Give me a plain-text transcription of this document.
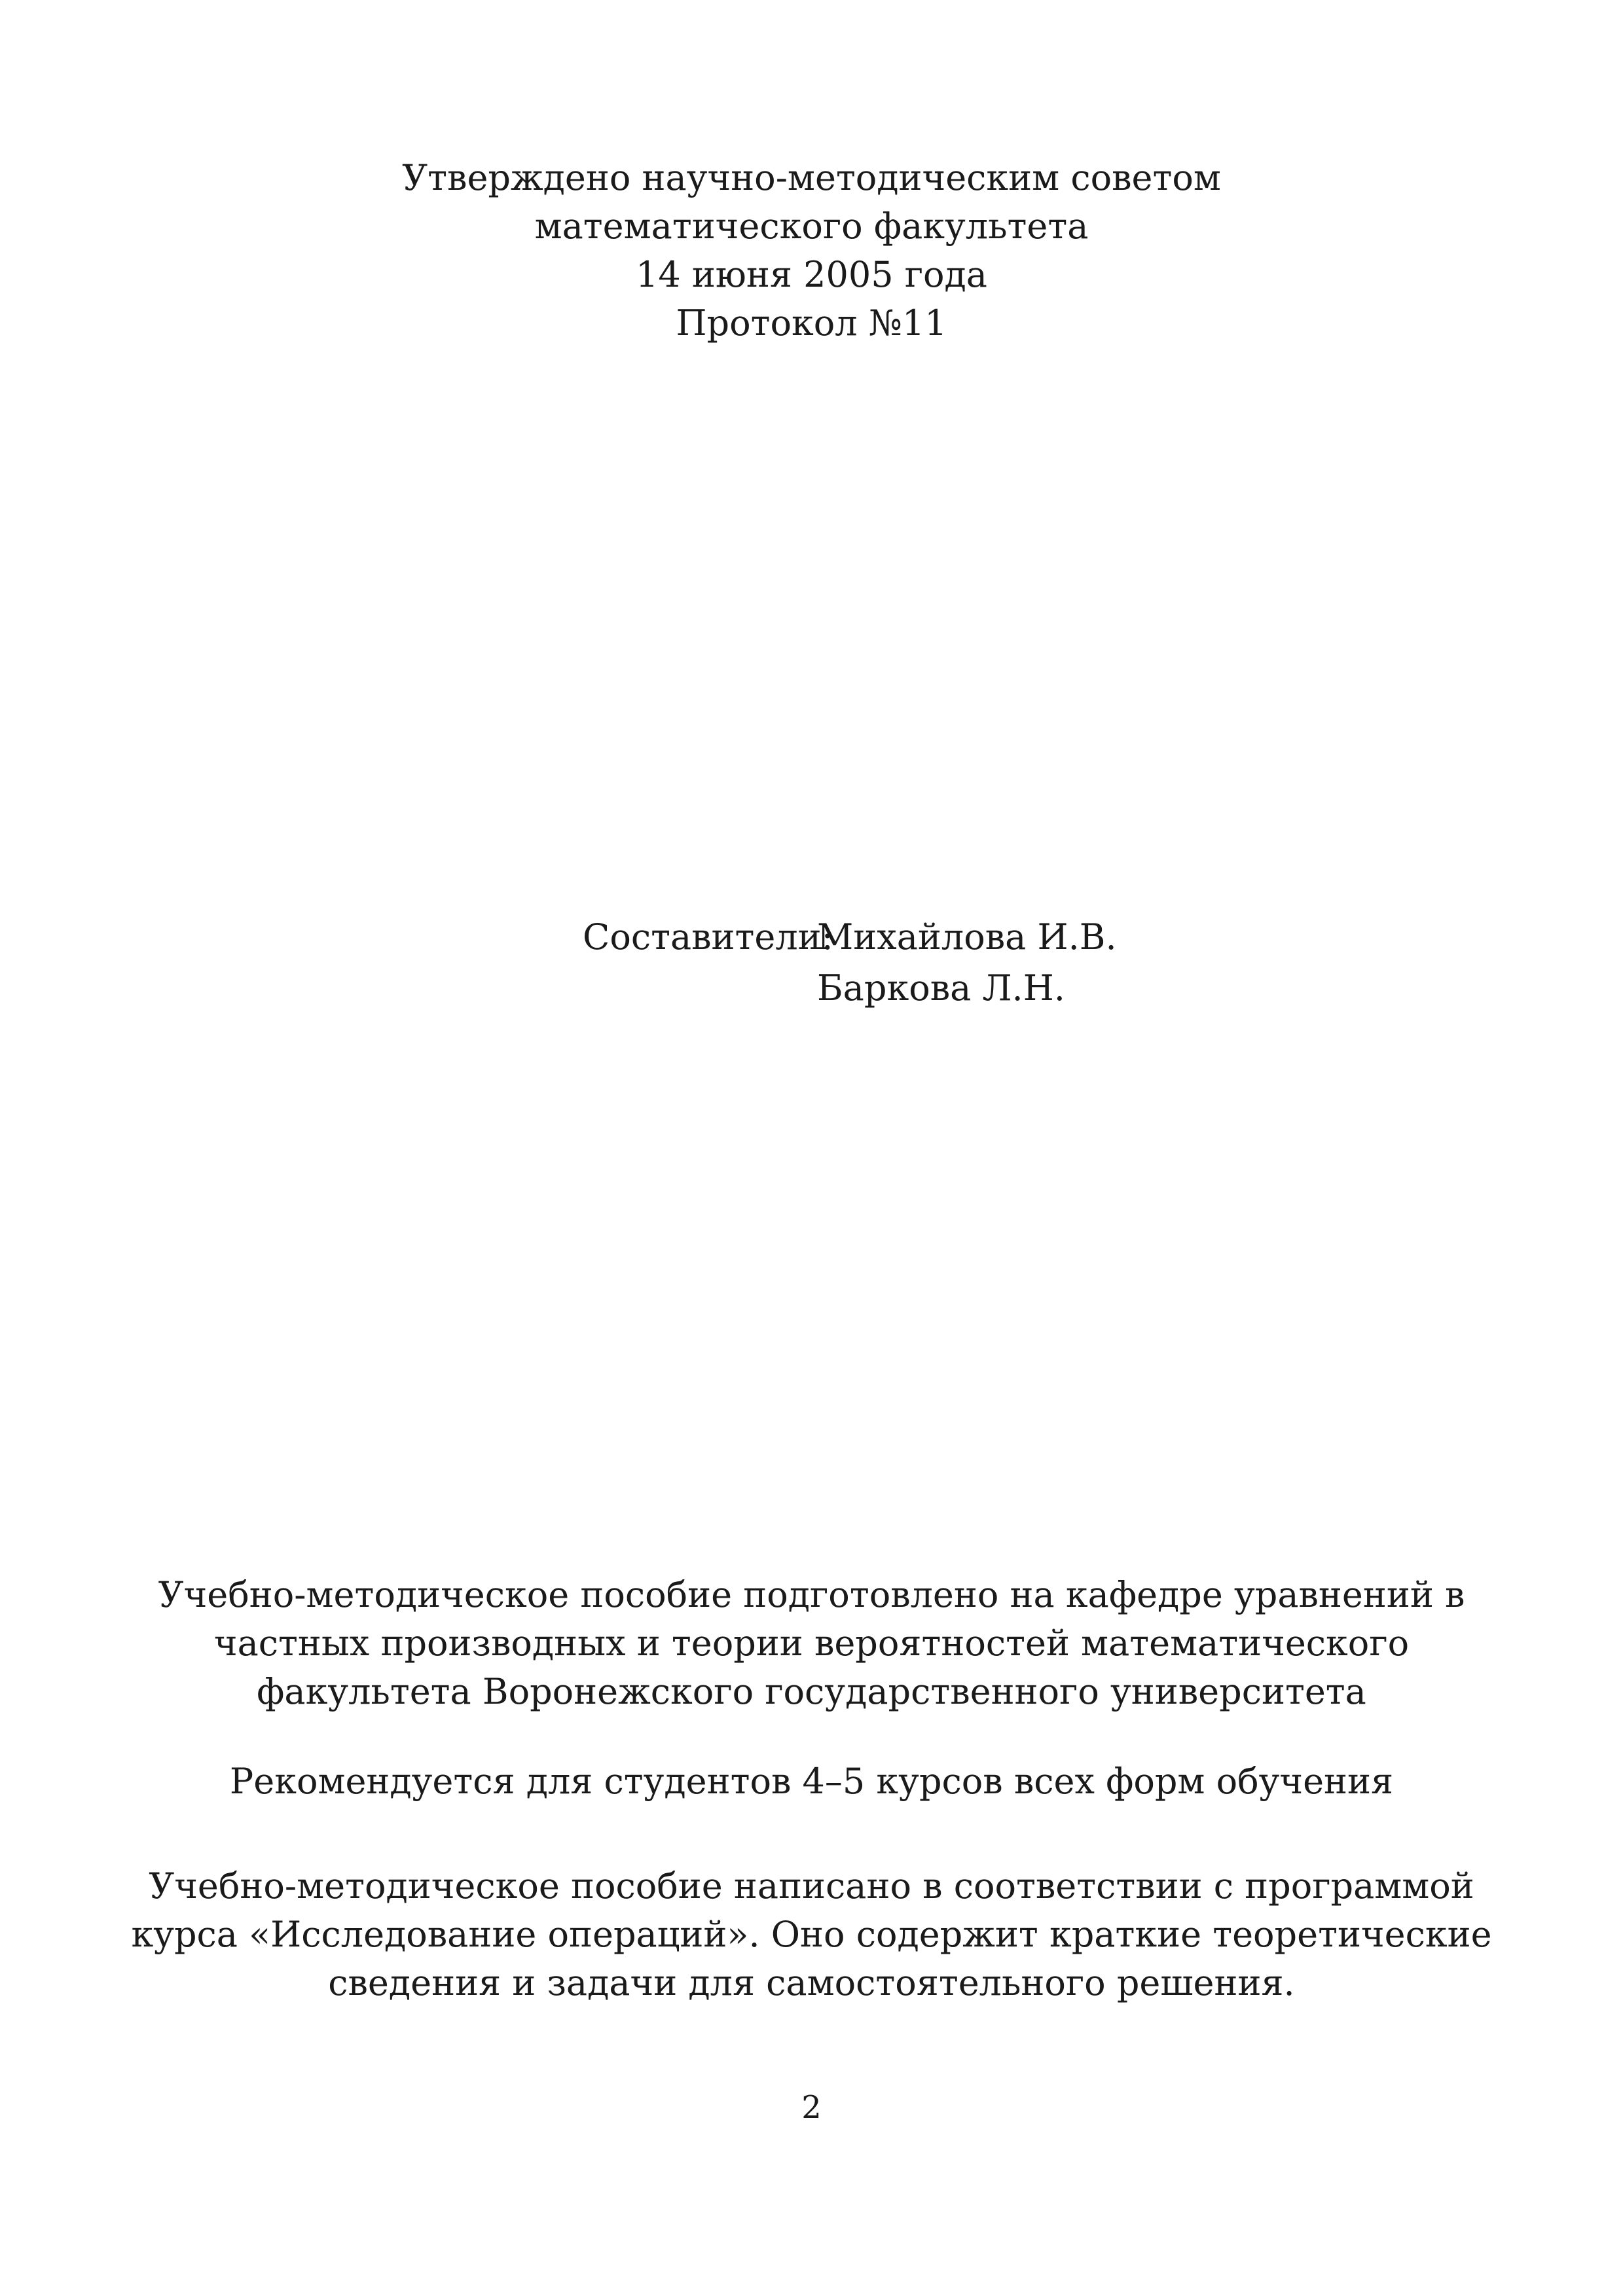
Утверждено научно-методическим советом
математического факультета
14 июня 2005 года
Протокол №11
Составители:
Михайлова И.В.
Баркова Л.Н.
Учебно-методическое пособие подготовлено на кафедре уравнений в
частных производных и теории вероятностей математического
факультета Воронежского государственного университета
Рекомендуется для студентов 4–5 курсов всех форм обучения
Учебно-методическое пособие написано в соответствии с программой
курса «Исследование операций». Оно содержит краткие теоретические
сведения и задачи для самостоятельного решения.
2
